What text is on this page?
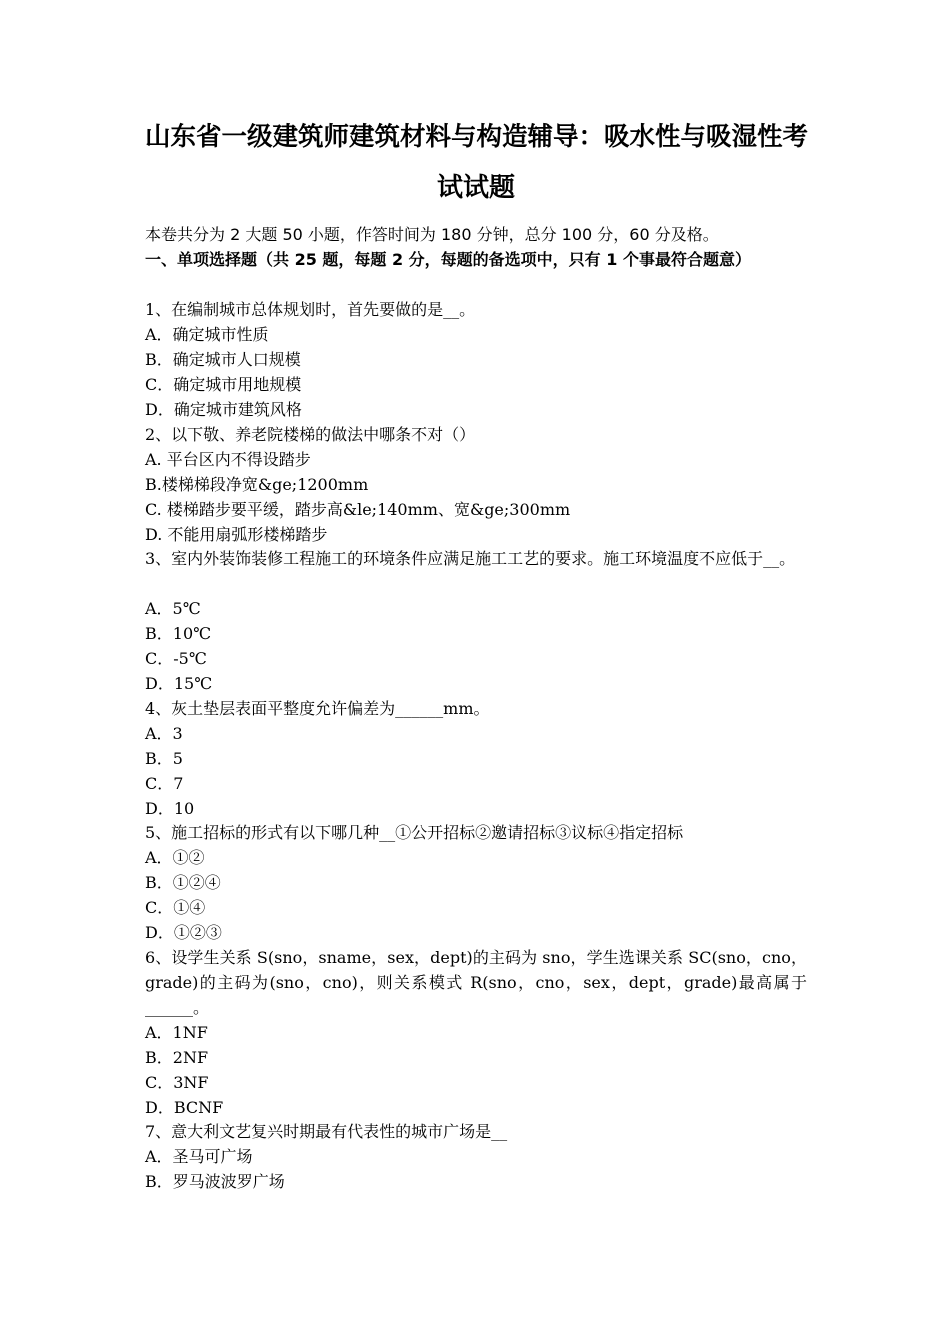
山东省一级建筑师建筑材料与构造辅导：吸水性与吸湿性考
试试题
本卷共分为 2 大题 50 小题，作答时间为 180 分钟，总分 100 分，60 分及格。
一、单项选择题（共 25 题，每题 2 分，每题的备选项中，只有 1 个事最符合题意）
1、在编制城市总体规划时，首先要做的是__。
A．确定城市性质
B．确定城市人口规模
C．确定城市用地规模
D．确定城市建筑风格
2、以下敬、养老院楼梯的做法中哪条不对（）
A. 平台区内不得设踏步
B.楼梯梯段净宽&ge;1200mm
C. 楼梯踏步要平缓，踏步高&le;140mm、宽&ge;300mm
D. 不能用扇弧形楼梯踏步
3、室内外装饰装修工程施工的环境条件应满足施工工艺的要求。施工环境温度不应低于__。
A．5℃
B．10℃
C．-5℃
D．15℃
4、灰土垫层表面平整度允许偏差为______mm。
A．3
B．5
C．7
D．10
5、施工招标的形式有以下哪几种__①公开招标②邀请招标③议标④指定招标
A．①②
B．①②④
C．①④
D．①②③
6、设学生关系 S(sno，sname，sex，dept)的主码为 sno，学生选课关系 SC(sno，cno，grade)的主码为(sno，cno)，则关系模式 R(sno，cno，sex，dept，grade)最高属于______。
A．1NF
B．2NF
C．3NF
D．BCNF
7、意大利文艺复兴时期最有代表性的城市广场是__
A．圣马可广场
B．罗马波波罗广场
